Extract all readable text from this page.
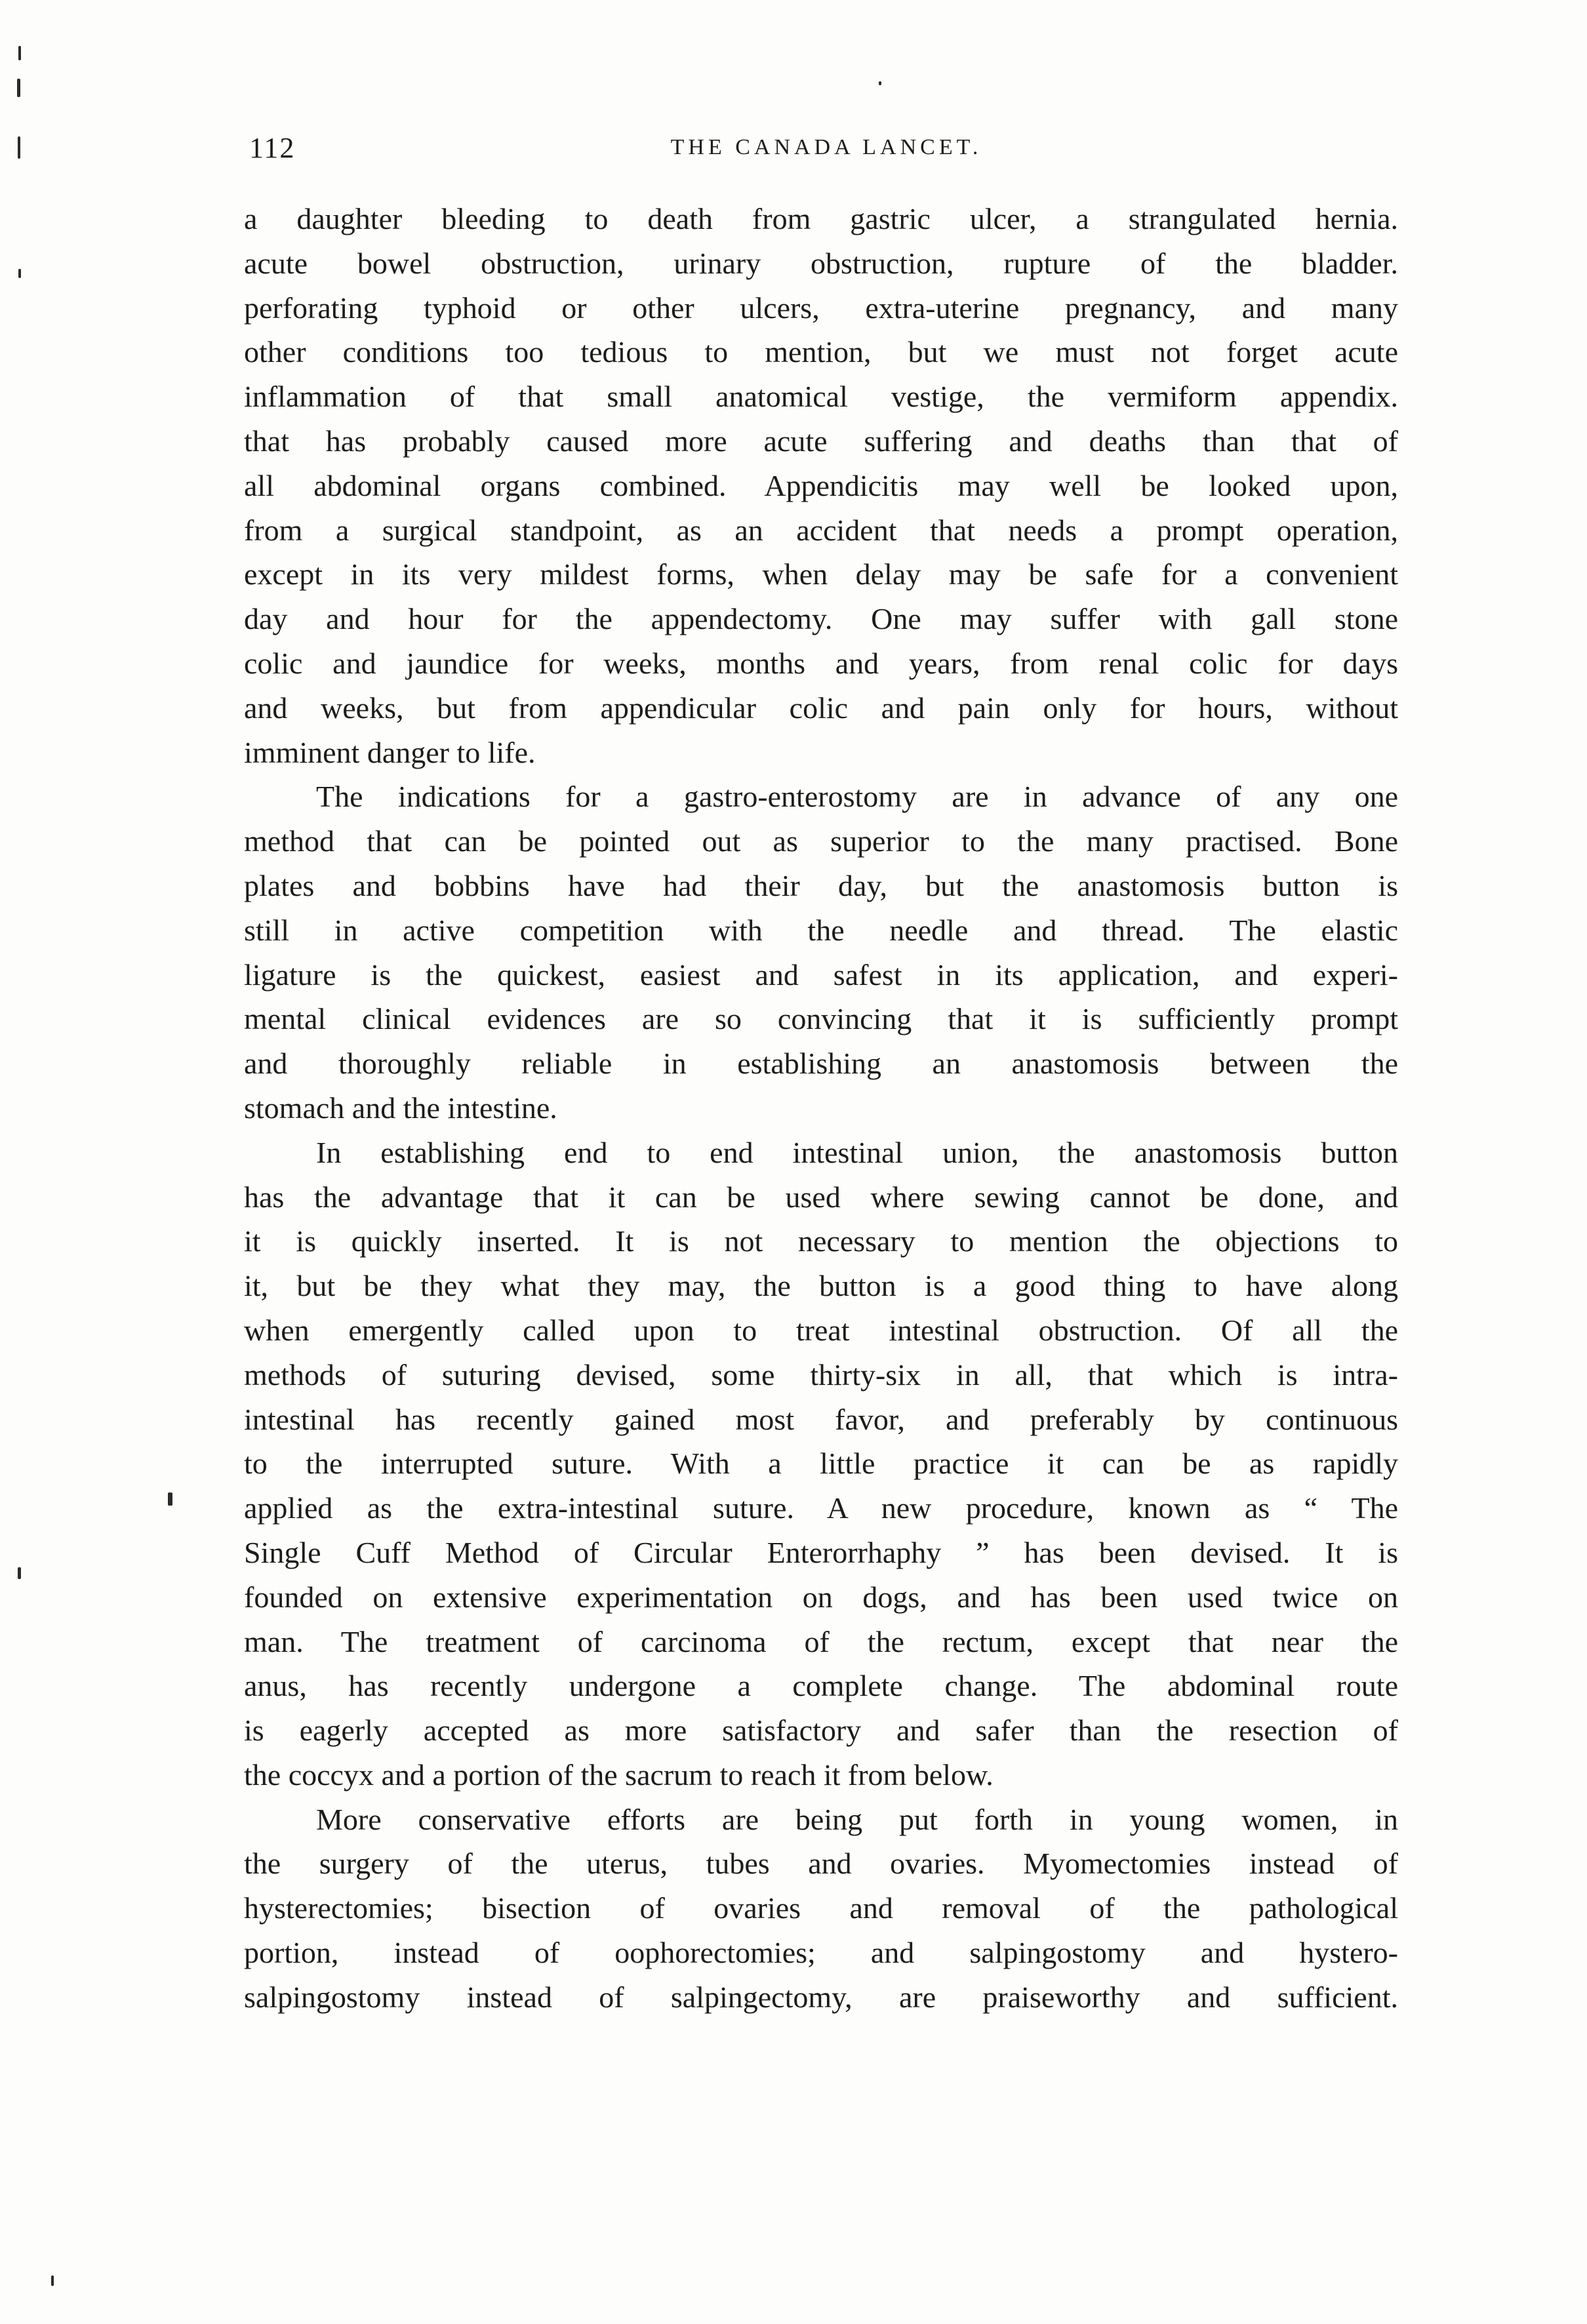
112	THE CANADA LANCET.
a daughter bleeding to death from gastric ulcer, a strangulated hernia.
acute bowel obstruction, urinary obstruction, rupture of the bladder.
perforating typhoid or other ulcers, extra-uterine pregnancy, and many
other conditions too tedious to mention, but we must not forget acute
inflammation of that small anatomical vestige, the vermiform appendix.
that has probably caused more acute suffering and deaths than that of
all abdominal organs combined. Appendicitis may well be looked upon,
from a surgical standpoint, as an accident that needs a prompt operation,
except in its very mildest forms, when delay may be safe for a convenient
day and hour for the appendectomy. One may suffer with gall stone
colic and jaundice for weeks, months and years, from renal colic for days
and weeks, but from appendicular colic and pain only for hours, without
imminent danger to life.
The indications for a gastro-enterostomy are in advance of any one
method that can be pointed out as superior to the many practised. Bone
plates and bobbins have had their day, but the anastomosis button is
still in active competition with the needle and thread. The elastic
ligature is the quickest, easiest and safest in its application, and experi-
mental clinical evidences are so convincing that it is sufficiently prompt
and thoroughly reliable in establishing an anastomosis between the
stomach and the intestine.
In establishing end to end intestinal union, the anastomosis button
has the advantage that it can be used where sewing cannot be done, and
it is quickly inserted. It is not necessary to mention the objections to
it, but be they what they may, the button is a good thing to have along
when emergently called upon to treat intestinal obstruction. Of all the
methods of suturing devised, some thirty-six in all, that which is intra-
intestinal has recently gained most favor, and preferably by continuous
to the interrupted suture. With a little practice it can be as rapidly
applied as the extra-intestinal suture. A new procedure, known as “ The
Single Cuff Method of Circular Enterorrhaphy ” has been devised. It is
founded on extensive experimentation on dogs, and has been used twice on
man. The treatment of carcinoma of the rectum, except that near the
anus, has recently undergone a complete change. The abdominal route
is eagerly accepted as more satisfactory and safer than the resection of
the coccyx and a portion of the sacrum to reach it from below.
More conservative efforts are being put forth in young women, in
the surgery of the uterus, tubes and ovaries. Myomectomies instead of
hysterectomies; bisection of ovaries and removal of the pathological
portion, instead of oophorectomies; and salpingostomy and hystero-
salpingostomy instead of salpingectomy, are praiseworthy and sufficient.
